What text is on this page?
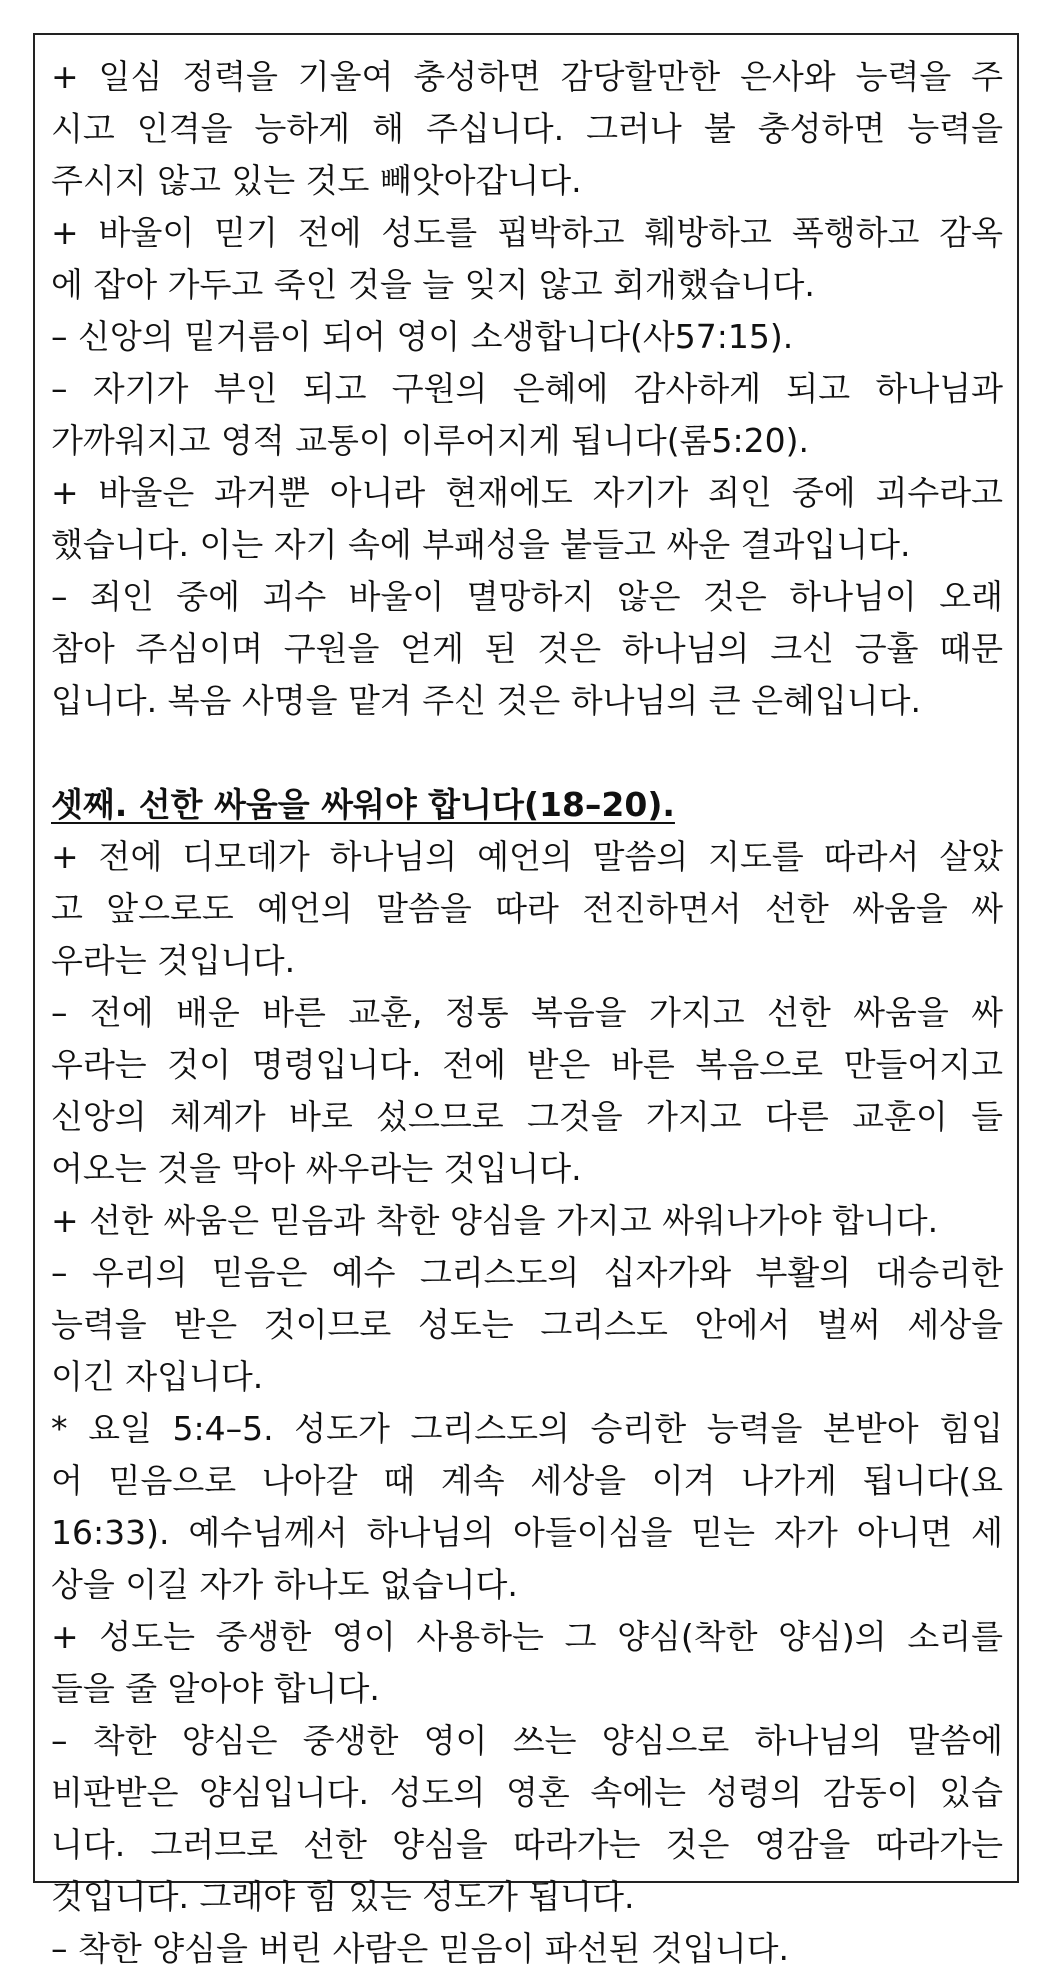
+ 일심 정력을 기울여 충성하면 감당할만한 은사와 능력을 주
시고 인격을 능하게 해 주십니다. 그러나 불 충성하면 능력을
주시지 않고 있는 것도 빼앗아갑니다.
+ 바울이 믿기 전에 성도를 핍박하고 훼방하고 폭행하고 감옥
에 잡아 가두고 죽인 것을 늘 잊지 않고 회개했습니다.
– 신앙의 밑거름이 되어 영이 소생합니다(사57:15).
– 자기가 부인 되고 구원의 은혜에 감사하게 되고 하나님과
가까워지고 영적 교통이 이루어지게 됩니다(롬5:20).
+ 바울은 과거뿐 아니라 현재에도 자기가 죄인 중에 괴수라고
했습니다. 이는 자기 속에 부패성을 붙들고 싸운 결과입니다.
– 죄인 중에 괴수 바울이 멸망하지 않은 것은 하나님이 오래
참아 주심이며 구원을 얻게 된 것은 하나님의 크신 긍휼 때문
입니다. 복음 사명을 맡겨 주신 것은 하나님의 큰 은혜입니다.
셋째. 선한 싸움을 싸워야 합니다(18–20).
+ 전에 디모데가 하나님의 예언의 말씀의 지도를 따라서 살았
고 앞으로도 예언의 말씀을 따라 전진하면서 선한 싸움을 싸
우라는 것입니다.
– 전에 배운 바른 교훈, 정통 복음을 가지고 선한 싸움을 싸
우라는 것이 명령입니다. 전에 받은 바른 복음으로 만들어지고
신앙의 체계가 바로 섰으므로 그것을 가지고 다른 교훈이 들
어오는 것을 막아 싸우라는 것입니다.
+ 선한 싸움은 믿음과 착한 양심을 가지고 싸워나가야 합니다.
– 우리의 믿음은 예수 그리스도의 십자가와 부활의 대승리한
능력을 받은 것이므로 성도는 그리스도 안에서 벌써 세상을
이긴 자입니다.
* 요일 5:4–5. 성도가 그리스도의 승리한 능력을 본받아 힘입
어 믿음으로 나아갈 때 계속 세상을 이겨 나가게 됩니다(요
16:33). 예수님께서 하나님의 아들이심을 믿는 자가 아니면 세
상을 이길 자가 하나도 없습니다.
+ 성도는 중생한 영이 사용하는 그 양심(착한 양심)의 소리를
들을 줄 알아야 합니다.
– 착한 양심은 중생한 영이 쓰는 양심으로 하나님의 말씀에
비판받은 양심입니다. 성도의 영혼 속에는 성령의 감동이 있습
니다. 그러므로 선한 양심을 따라가는 것은 영감을 따라가는
것입니다. 그래야 힘 있는 성도가 됩니다.
– 착한 양심을 버린 사람은 믿음이 파선된 것입니다.
